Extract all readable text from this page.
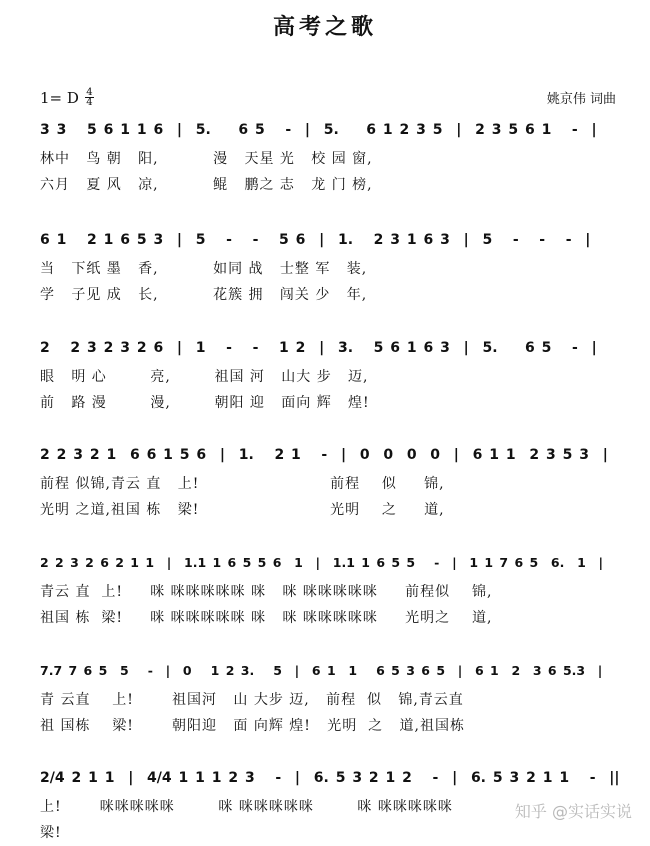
高考之歌
1= D $\frac{4}{4}$	姚京伟 词曲
3 3   5 6 1 1 6  |  5.    6 5   -  |  5.    6 1 2 3 5  |  2 3 5 6 1   -  |
林中   鸟 朝   阳,          漫   天星 光   校 园 窗,
六月   夏 风   凉,          鲲   鹏之 志   龙 门 榜,
6 1   2 1 6 5 3  |  5   -   -   5 6  |  1.   2 3 1 6 3  |  5   -   -   -  |
当   下纸 墨   香,          如同 战   士整 军   装,
学   子见 成   长,          花簇 拥   闯关 少   年,
2   2 3 2 3 2 6  |  1   -   -   1 2  |  3.   5 6 1 6 3  |  5.    6 5   -  |
眼   明 心        亮,        祖国 河   山大 步   迈,
前   路 漫        漫,        朝阳 迎   面向 辉   煌!
2 2 3 2 1  6 6 1 5 6  |  1.   2 1   -  |  0  0  0  0  |  6 1 1  2 3 5 3  |
前程 似锦,青云 直   上!                        前程    似     锦,
光明 之道,祖国 栋   梁!                        光明    之     道,
2 2 3 2 6 2 1 1  |  1.1 1 6 5 5 6  1  |  1.1 1 6 5 5   -  |  1 1 7 6 5  6.  1  |
青云 直  上!     咪 咪咪咪咪咪 咪   咪 咪咪咪咪咪     前程似    锦,
祖国 栋  梁!     咪 咪咪咪咪咪 咪   咪 咪咪咪咪咪     光明之    道,
7.7 7 6 5  5   -  |  0   1 2 3.   5  |  6 1  1   6 5 3 6 5  |  6 1  2  3 6 5.3  |
青 云直    上!       祖国河   山 大步 迈,   前程  似   锦,青云直
祖 国栋    梁!       朝阳迎   面 向辉 煌!   光明  之   道,祖国栋
2/4 2 1 1  |  4/4 1 1 1 2 3   -  |  6. 5 3 2 1 2   -  |  6. 5 3 2 1 1   -  ||
上!       咪咪咪咪咪        咪 咪咪咪咪咪        咪 咪咪咪咪咪
梁!
知乎 @实话实说
